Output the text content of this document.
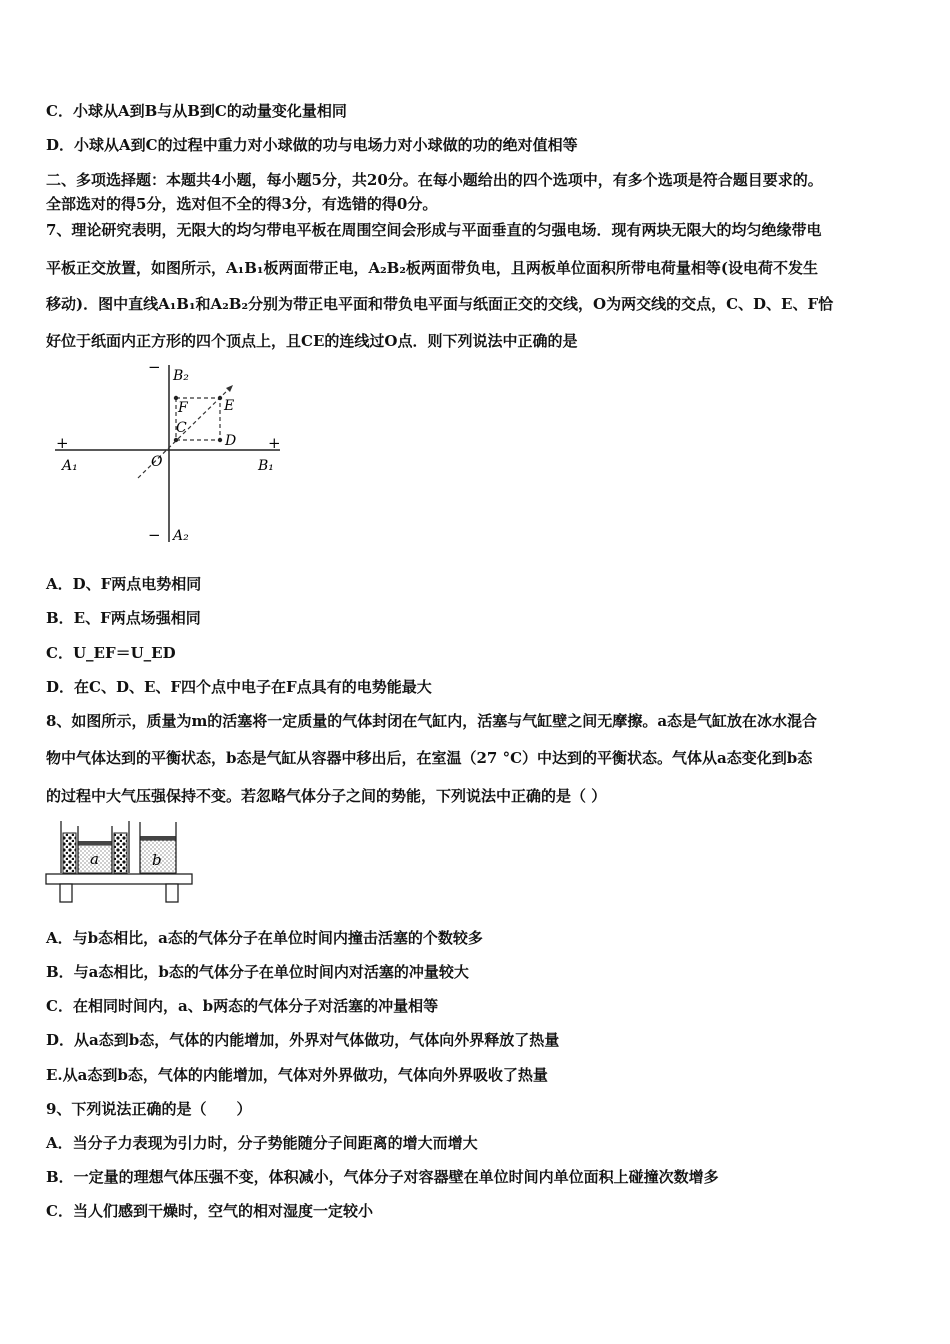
C．小球从A到B与从B到C的动量变化量相同
D．小球从A到C的过程中重力对小球做的功与电场力对小球做的功的绝对值相等
二、多项选择题：本题共4小题，每小题5分，共20分。在每小题给出的四个选项中，有多个选项是符合题目要求的。
全部选对的得5分，选对但不全的得3分，有选错的得0分。
7、理论研究表明，无限大的均匀带电平板在周围空间会形成与平面垂直的匀强电场．现有两块无限大的均匀绝缘带电
平板正交放置，如图所示，A₁B₁板两面带正电，A₂B₂板两面带负电，且两板单位面积所带电荷量相等(设电荷不发生
移动)．图中直线A₁B₁和A₂B₂分别为带正电平面和带负电平面与纸面正交的交线，O为两交线的交点，C、D、E、F恰
好位于纸面内正方形的四个顶点上，且CE的连线过O点．则下列说法中正确的是
− B₂
F	E
C
D
+	+
A₁	O	B₁
− A₂
A．D、F两点电势相同
B．E、F两点场强相同
C．U_EF＝U_ED
D．在C、D、E、F四个点中电子在F点具有的电势能最大
8、如图所示，质量为m的活塞将一定质量的气体封闭在气缸内，活塞与气缸壁之间无摩擦。a态是气缸放在冰水混合
物中气体达到的平衡状态，b态是气缸从容器中移出后，在室温（27 °C）中达到的平衡状态。气体从a态变化到b态
的过程中大气压强保持不变。若忽略气体分子之间的势能，下列说法中正确的是（ ）
a	b
A．与b态相比，a态的气体分子在单位时间内撞击活塞的个数较多
B．与a态相比，b态的气体分子在单位时间内对活塞的冲量较大
C．在相同时间内，a、b两态的气体分子对活塞的冲量相等
D．从a态到b态，气体的内能增加，外界对气体做功，气体向外界释放了热量
E.从a态到b态，气体的内能增加，气体对外界做功，气体向外界吸收了热量
9、下列说法正确的是（　　）
A．当分子力表现为引力时，分子势能随分子间距离的增大而增大
B．一定量的理想气体压强不变，体积减小，气体分子对容器壁在单位时间内单位面积上碰撞次数增多
C．当人们感到干燥时，空气的相对湿度一定较小
